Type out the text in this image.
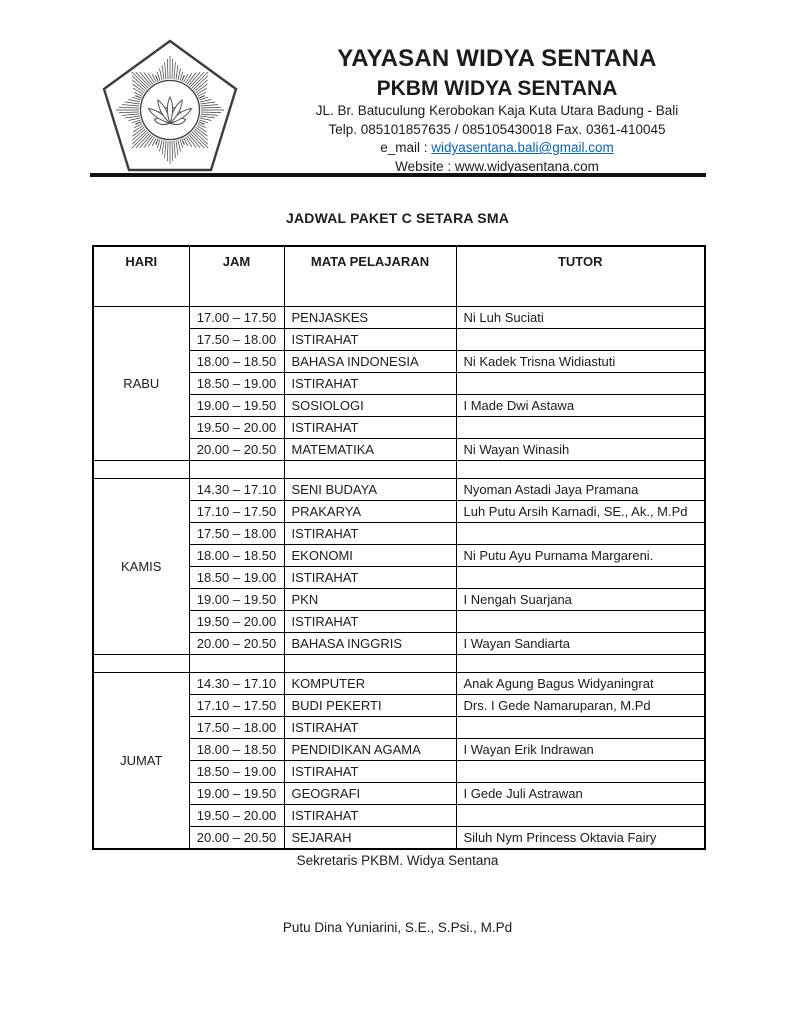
YAYASAN WIDYA SENTANA
PKBM WIDYA SENTANA
JL. Br. Batuculung Kerobokan Kaja Kuta Utara Badung - Bali
Telp. 085101857635 / 085105430018 Fax. 0361-410045
e_mail : widyasentana.bali@gmail.com
Website : www.widyasentana.com
JADWAL PAKET C SETARA SMA
HARI	JAM	MATA PELAJARAN	TUTOR
RABU	17.00 – 17.50	PENJASKES	Ni Luh Suciati
	17.50 – 18.00	ISTIRAHAT	
	18.00 – 18.50	BAHASA INDONESIA	Ni Kadek Trisna Widiastuti
	18.50 – 19.00	ISTIRAHAT	
	19.00 – 19.50	SOSIOLOGI	I Made Dwi Astawa
	19.50 – 20.00	ISTIRAHAT	
	20.00 – 20.50	MATEMATIKA	Ni Wayan Winasih

KAMIS	14.30 – 17.10	SENI BUDAYA	Nyoman Astadi Jaya Pramana
	17.10 – 17.50	PRAKARYA	Luh Putu Arsih Karnadi, SE., Ak., M.Pd
	17.50 – 18.00	ISTIRAHAT	
	18.00 – 18.50	EKONOMI	Ni Putu Ayu Purnama Margareni.
	18.50 – 19.00	ISTIRAHAT	
	19.00 – 19.50	PKN	I Nengah Suarjana
	19.50 – 20.00	ISTIRAHAT	
	20.00 – 20.50	BAHASA INGGRIS	I Wayan Sandiarta

JUMAT	14.30 – 17.10	KOMPUTER	Anak Agung Bagus Widyaningrat
	17.10 – 17.50	BUDI PEKERTI	Drs. I Gede Namaruparan, M.Pd
	17.50 – 18.00	ISTIRAHAT	
	18.00 – 18.50	PENDIDIKAN AGAMA	I Wayan Erik Indrawan
	18.50 – 19.00	ISTIRAHAT	
	19.00 – 19.50	GEOGRAFI	I Gede Juli Astrawan
	19.50 – 20.00	ISTIRAHAT	
	20.00 – 20.50	SEJARAH	Siluh Nym Princess Oktavia Fairy
Sekretaris PKBM. Widya Sentana
Putu Dina Yuniarini, S.E., S.Psi., M.Pd
